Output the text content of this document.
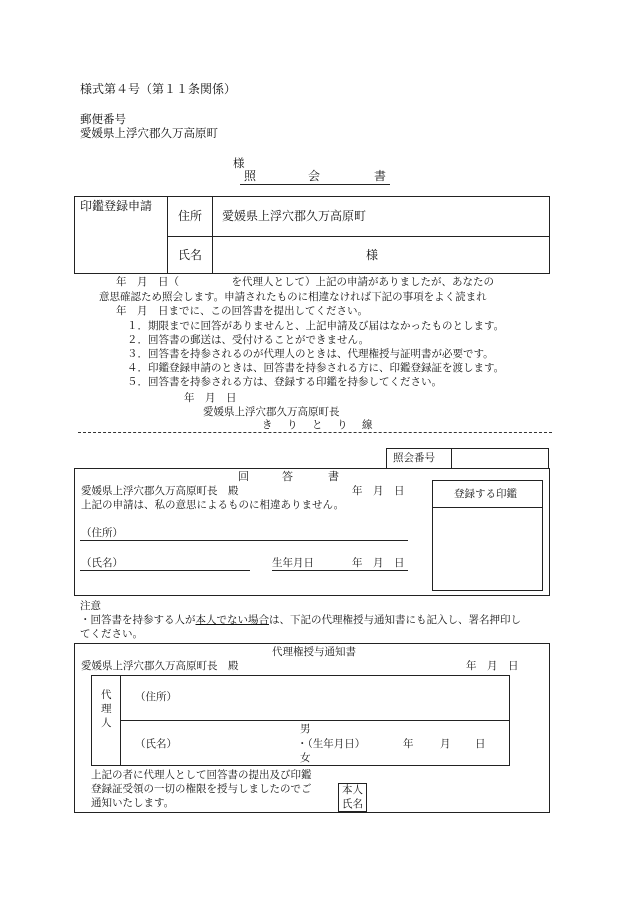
様式第４号（第１１条関係）
郵便番号
愛媛県上浮穴郡久万高原町
様
照	会	書
印鑑登録申請
住所 愛媛県上浮穴郡久万高原町
氏名	様
年　月　日（　　　　　を代理人として）上記の申請がありましたが、あなたの
意思確認ため照会します。申請されたものに相違なければ下記の事項をよく読まれ
年　月　日までに、この回答書を提出してください。
１．期限までに回答がありませんと、上記申請及び届はなかったものとします。
２．回答書の郵送は、受付けることができません。
３．回答書を持参されるのが代理人のときは、代理権授与証明書が必要です。
４．印鑑登録申請のときは、回答書を持参される方に、印鑑登録証を渡します。
５．回答書を持参される方は、登録する印鑑を持参してください。
年　月　日
愛媛県上浮穴郡久万高原町長
き り と り 線
照会番号
回	答	書
愛媛県上浮穴郡久万高原町長　殿	年　月　日
上記の申請は、私の意思によるものに相違ありません。
（住所）
（氏名）	生年月日	年　月　日
登録する印鑑
注意
・回答書を持参する人が本人でない場合は、下記の代理権授与通知書にも記入し、署名押印し
てください。
代理権授与通知書
愛媛県上浮穴郡久万高原町長　殿	年　月　日
代
理
人
（住所）
（氏名）
男
・（生年月日）
女
年	月 日
上記の者に代理人として回答書の提出及び印鑑
登録証受領の一切の権限を授与しましたのでご
通知いたします。
本人
氏名
